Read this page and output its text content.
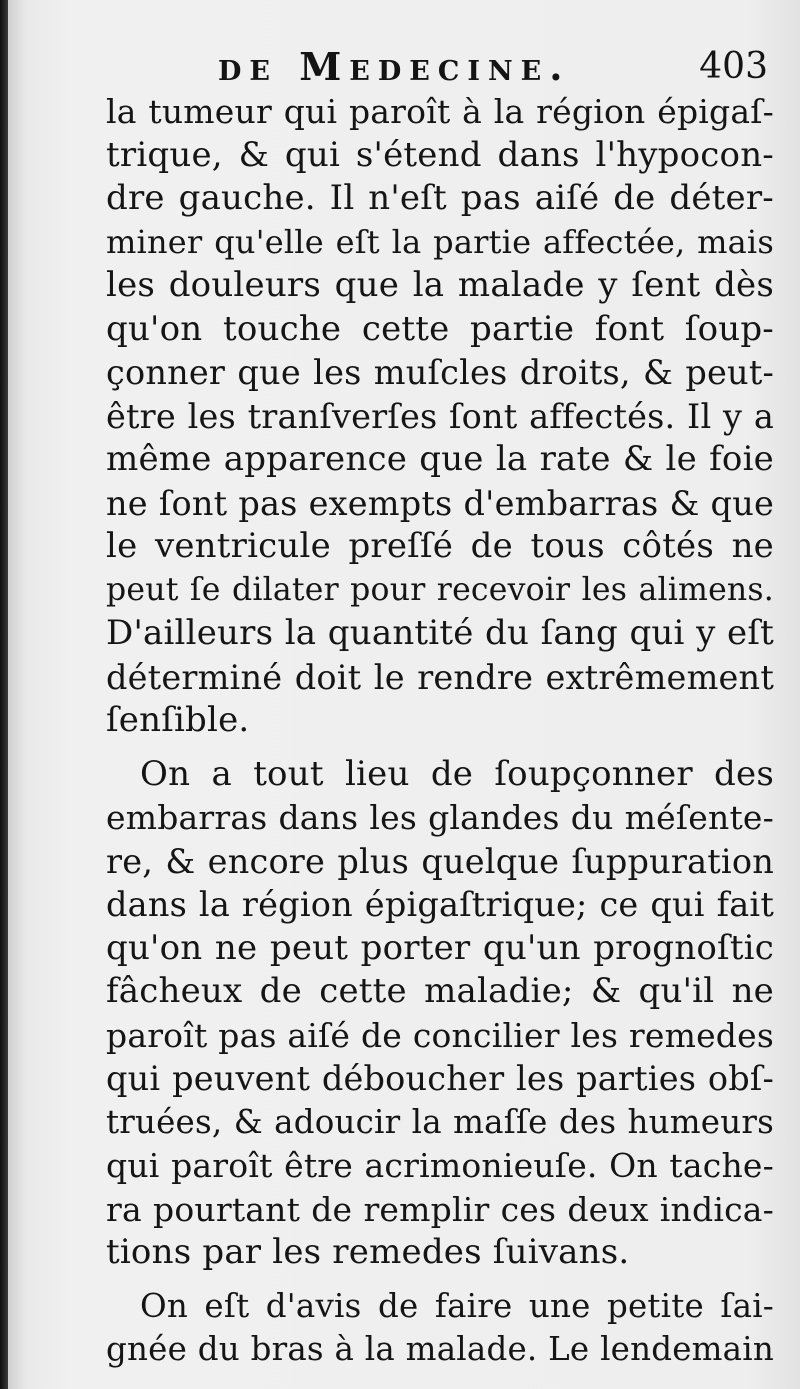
de Medecine.	403
la tumeur qui paroît à la région épigaſ-
trique, & qui s'étend dans l'hypocon-
dre gauche. Il n'eſt pas aiſé de déter-
miner qu'elle eſt la partie affectée, mais
les douleurs que la malade y ſent dès
qu'on touche cette partie font ſoup-
çonner que les muſcles droits, & peut-
être les tranſverſes ſont affectés. Il y a
même apparence que la rate & le foie
ne ſont pas exempts d'embarras & que
le ventricule preſſé de tous côtés ne
peut ſe dilater pour recevoir les alimens.
D'ailleurs la quantité du ſang qui y eſt
déterminé doit le rendre extrêmement
ſenſible.
On a tout lieu de ſoupçonner des
embarras dans les glandes du méſente-
re, & encore plus quelque ſuppuration
dans la région épigaſtrique; ce qui fait
qu'on ne peut porter qu'un prognoſtic
fâcheux de cette maladie; & qu'il ne
paroît pas aiſé de concilier les remedes
qui peuvent déboucher les parties obſ-
truées, & adoucir la maſſe des humeurs
qui paroît être acrimonieuſe. On tache-
ra pourtant de remplir ces deux indica-
tions par les remedes ſuivans.
On eſt d'avis de faire une petite ſai-
gnée du bras à la malade. Le lendemain
